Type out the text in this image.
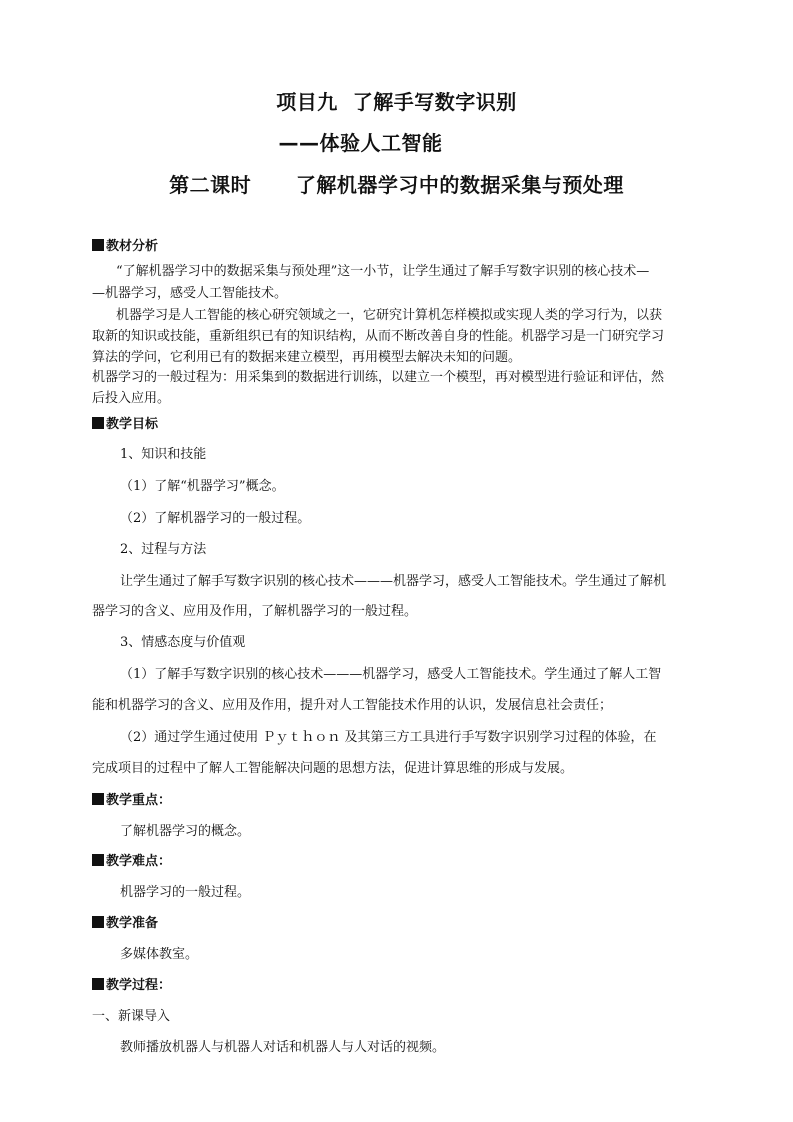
项目九  了解手写数字识别
——体验人工智能
第二课时      了解机器学习中的数据采集与预处理
教材分析
“了解机器学习中的数据采集与预处理”这一小节，让学生通过了解手写数字识别的核心技术—
—机器学习，感受人工智能技术。
机器学习是人工智能的核心研究领域之一，它研究计算机怎样模拟或实现人类的学习行为，以获
取新的知识或技能，重新组织已有的知识结构，从而不断改善自身的性能。机器学习是一门研究学习
算法的学问，它利用已有的数据来建立模型，再用模型去解决未知的问题。
机器学习的一般过程为：用采集到的数据进行训练，以建立一个模型，再对模型进行验证和评估，然
后投入应用。
教学目标
1、知识和技能
（1）了解“机器学习”概念。
（2）了解机器学习的一般过程。
2、过程与方法
让学生通过了解手写数字识别的核心技术———机器学习，感受人工智能技术。学生通过了解机
器学习的含义、应用及作用，了解机器学习的一般过程。
3、情感态度与价值观
（1）了解手写数字识别的核心技术———机器学习，感受人工智能技术。学生通过了解人工智
能和机器学习的含义、应用及作用，提升对人工智能技术作用的认识，发展信息社会责任；
（2）通过学生通过使用 Ｐｙｔｈｏｎ 及其第三方工具进行手写数字识别学习过程的体验，在
完成项目的过程中了解人工智能解决问题的思想方法，促进计算思维的形成与发展。
教学重点：
了解机器学习的概念。
教学难点：
机器学习的一般过程。
教学准备
多媒体教室。
教学过程：
一、新课导入
教师播放机器人与机器人对话和机器人与人对话的视频。
